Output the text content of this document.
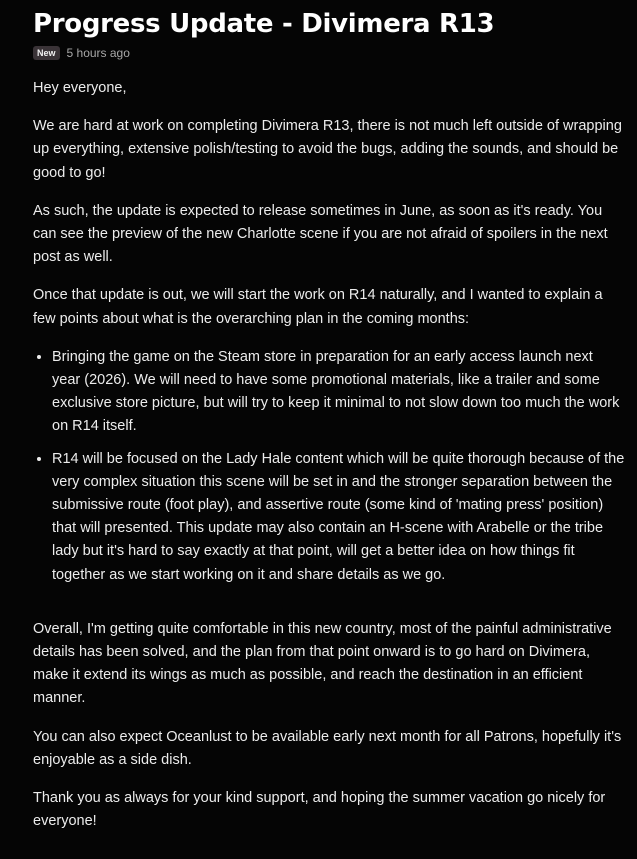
Progress Update - Divimera R13
New 5 hours ago

Hey everyone,

We are hard at work on completing Divimera R13, there is not much left outside of wrapping up everything, extensive polish/testing to avoid the bugs, adding the sounds, and should be good to go!

As such, the update is expected to release sometimes in June, as soon as it's ready. You can see the preview of the new Charlotte scene if you are not afraid of spoilers in the next post as well.

Once that update is out, we will start the work on R14 naturally, and I wanted to explain a few points about what is the overarching plan in the coming months:

• Bringing the game on the Steam store in preparation for an early access launch next year (2026). We will need to have some promotional materials, like a trailer and some exclusive store picture, but will try to keep it minimal to not slow down too much the work on R14 itself.
• R14 will be focused on the Lady Hale content which will be quite thorough because of the very complex situation this scene will be set in and the stronger separation between the submissive route (foot play), and assertive route (some kind of 'mating press' position) that will presented. This update may also contain an H-scene with Arabelle or the tribe lady but it's hard to say exactly at that point, will get a better idea on how things fit together as we start working on it and share details as we go.

Overall, I'm getting quite comfortable in this new country, most of the painful administrative details has been solved, and the plan from that point onward is to go hard on Divimera, make it extend its wings as much as possible, and reach the destination in an efficient manner.

You can also expect Oceanlust to be available early next month for all Patrons, hopefully it's enjoyable as a side dish.

Thank you as always for your kind support, and hoping the summer vacation go nicely for everyone!
